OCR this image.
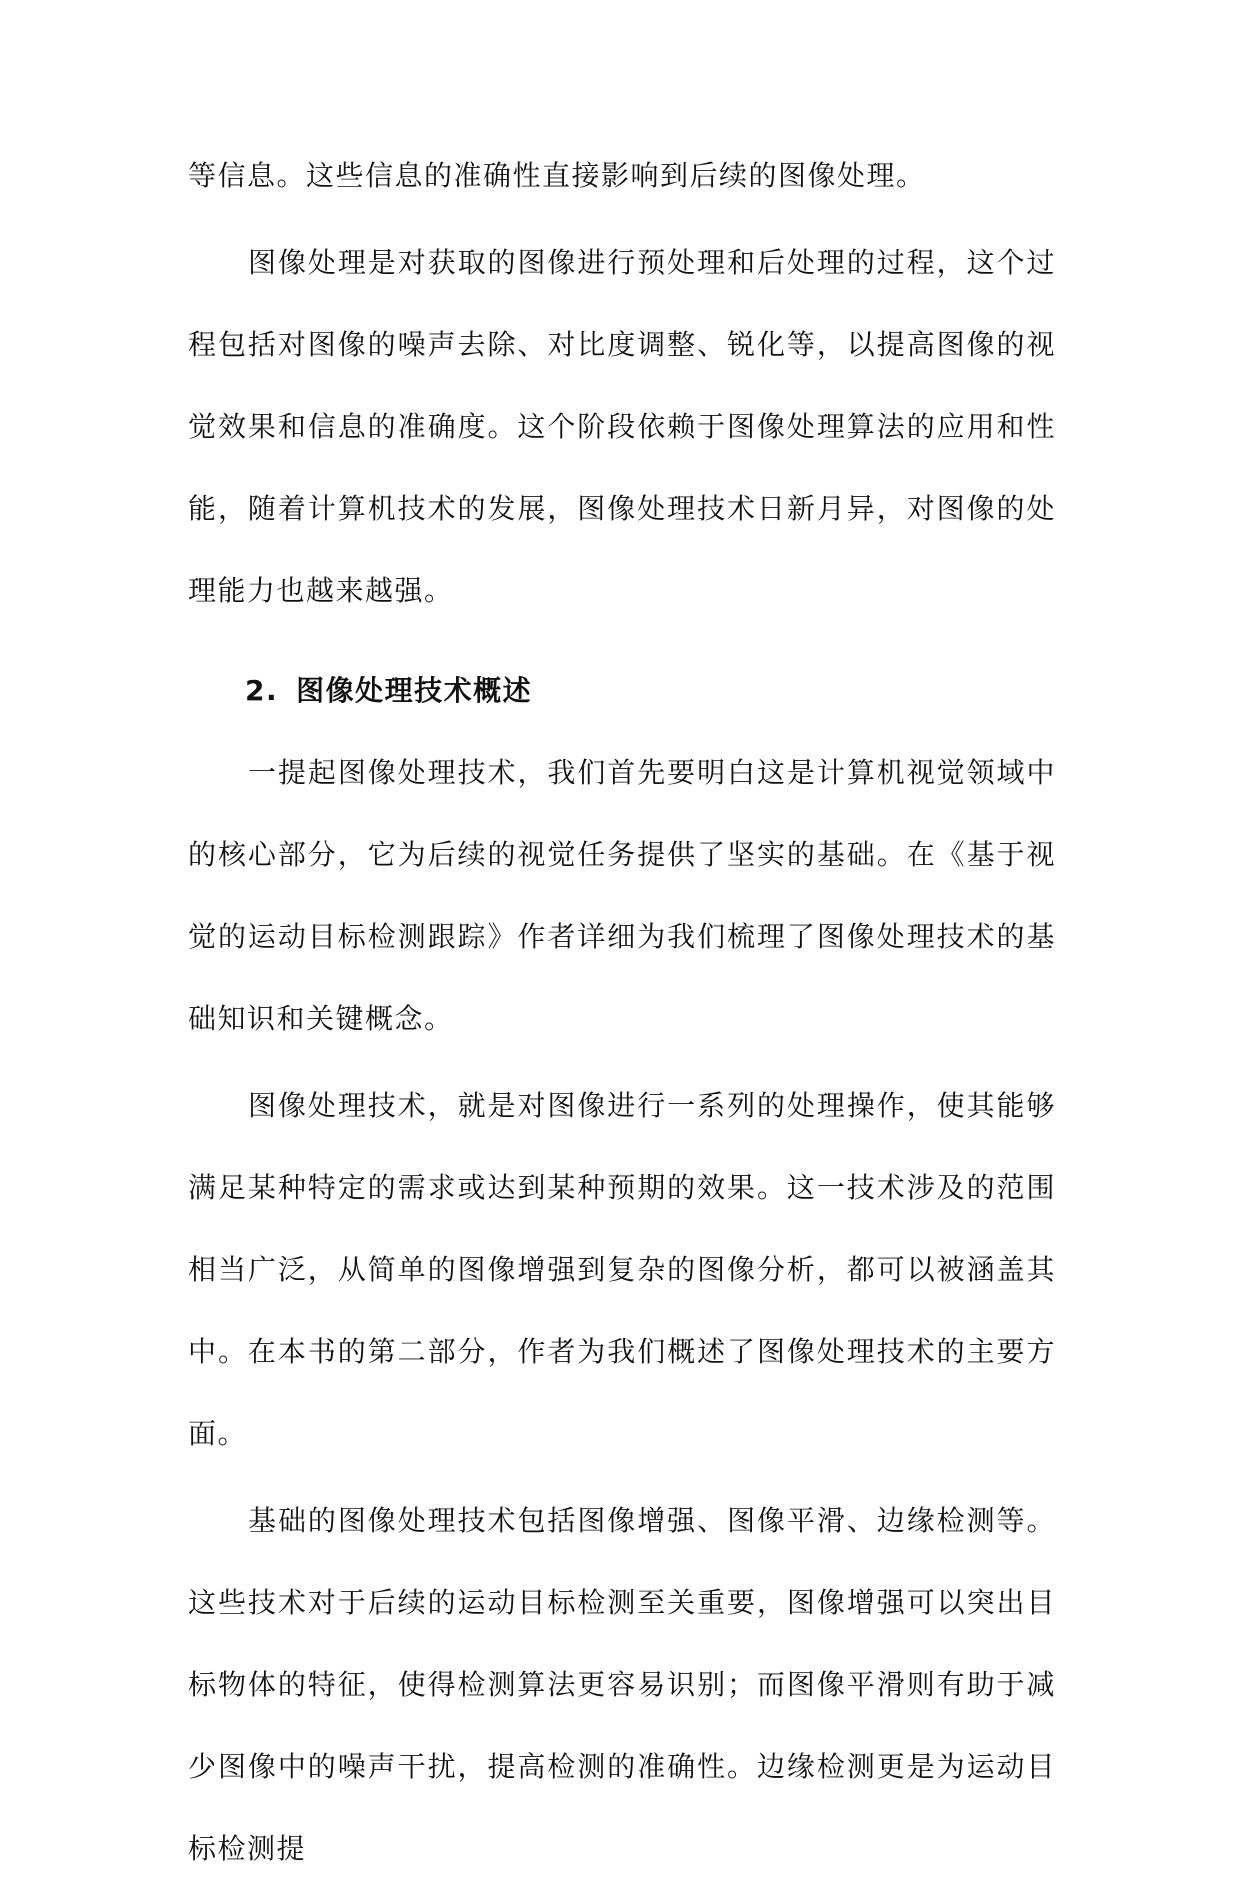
等信息。这些信息的准确性直接影响到后续的图像处理。

图像处理是对获取的图像进行预处理和后处理的过程，这个过程包括对图像的噪声去除、对比度调整、锐化等，以提高图像的视觉效果和信息的准确度。这个阶段依赖于图像处理算法的应用和性能，随着计算机技术的发展，图像处理技术日新月异，对图像的处理能力也越来越强。

2. 图像处理技术概述

一提起图像处理技术，我们首先要明白这是计算机视觉领域中的核心部分，它为后续的视觉任务提供了坚实的基础。在《基于视觉的运动目标检测跟踪》作者详细为我们梳理了图像处理技术的基础知识和关键概念。

图像处理技术，就是对图像进行一系列的处理操作，使其能够满足某种特定的需求或达到某种预期的效果。这一技术涉及的范围相当广泛，从简单的图像增强到复杂的图像分析，都可以被涵盖其中。在本书的第二部分，作者为我们概述了图像处理技术的主要方面。

基础的图像处理技术包括图像增强、图像平滑、边缘检测等。这些技术对于后续的运动目标检测至关重要，图像增强可以突出目标物体的特征，使得检测算法更容易识别；而图像平滑则有助于减少图像中的噪声干扰，提高检测的准确性。边缘检测更是为运动目标检测提
